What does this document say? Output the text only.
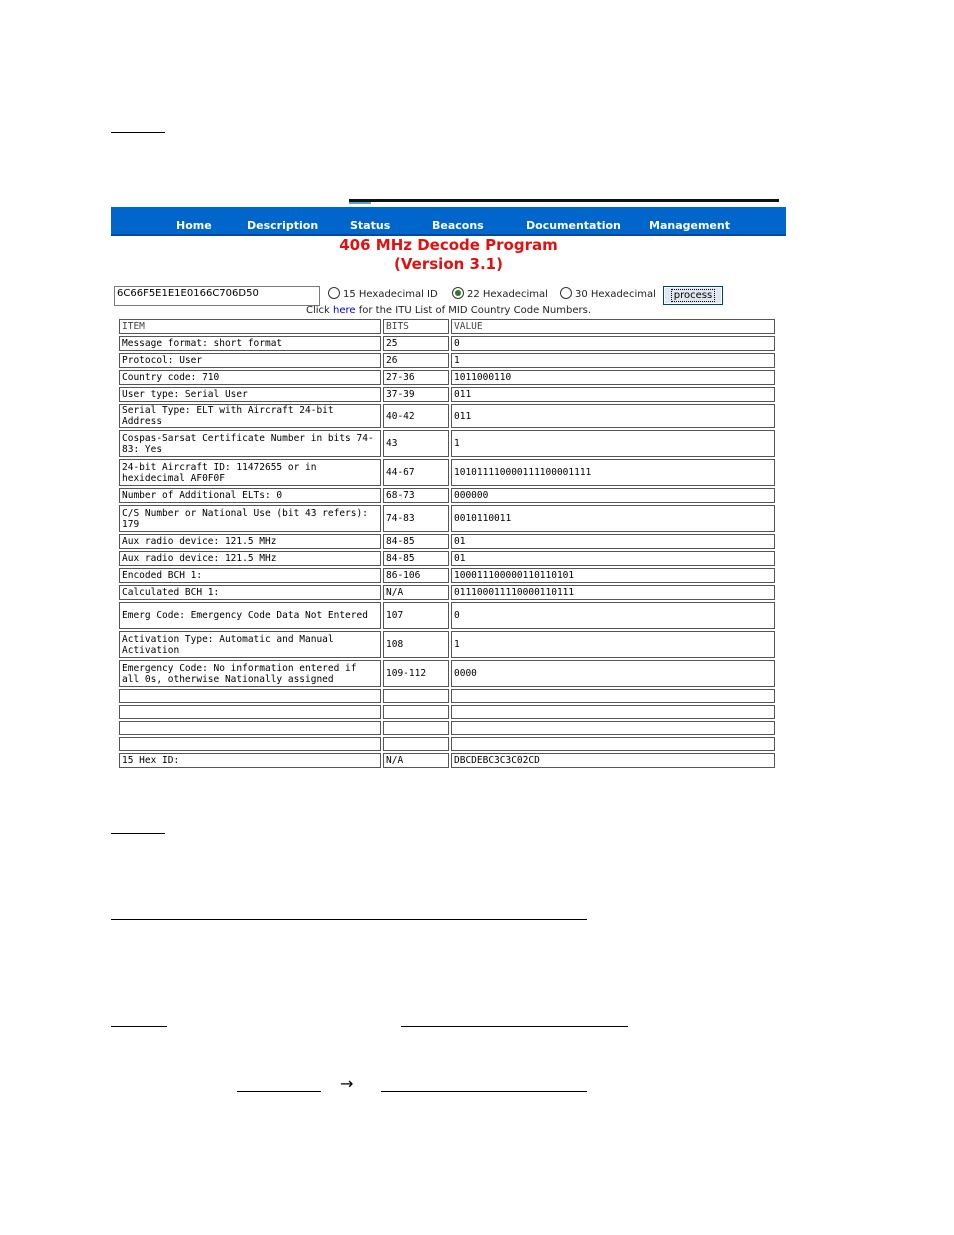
→
Home	Description	Status	Beacons	Documentation	Management
406 MHz Decode Program
(Version 3.1)
6C66F5E1E1E0166C706D50	15 Hexadecimal ID	22 Hexadecimal	30 Hexadecimal	process
Click here for the ITU List of MID Country Code Numbers.
ITEM	BITS	VALUE
Message format: short format	25	0
Protocol: User	26	1
Country code: 710	27-36	1011000110
User type: Serial User	37-39	011
Serial Type: ELT with Aircraft 24-bit Address	40-42	011
Cospas-Sarsat Certificate Number in bits 74-83: Yes	43	1
24-bit Aircraft ID: 11472655 or in hexidecimal AF0F0F	44-67	101011110000111100001111
Number of Additional ELTs: 0	68-73	000000
C/S Number or National Use (bit 43 refers): 179	74-83	0010110011
Aux radio device: 121.5 MHz	84-85	01
Aux radio device: 121.5 MHz	84-85	01
Encoded BCH 1:	86-106	100011100000110110101
Calculated BCH 1:	N/A	011100011110000110111
Emerg Code: Emergency Code Data Not Entered	107	0
Activation Type: Automatic and Manual Activation	108	1
Emergency Code: No information entered if all 0s, otherwise Nationally assigned	109-112	0000

15 Hex ID:	N/A	DBCDEBC3C3C02CD
